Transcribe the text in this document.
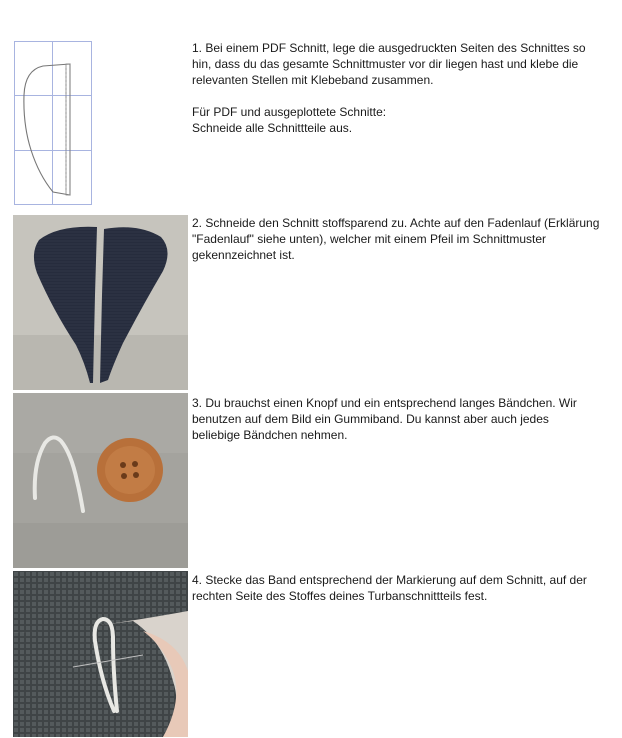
1. Bei einem PDF Schnitt, lege die ausgedruckten Seiten des Schnittes so hin, dass du das gesamte Schnittmuster vor dir liegen hast und klebe die relevanten Stellen mit Klebeband zusammen.

Für PDF und ausgeplottete Schnitte:

Schneide alle Schnittteile aus.

2. Schneide den Schnitt stoffsparend zu. Achte auf den Fadenlauf (Erklärung "Fadenlauf" siehe unten), welcher mit einem Pfeil im Schnittmuster gekennzeichnet ist.

3. Du brauchst einen Knopf und ein entsprechend langes Bändchen. Wir benutzen auf dem Bild ein Gummiband. Du kannst aber auch jedes beliebige Bändchen nehmen.

4. Stecke das Band entsprechend der Markierung auf dem Schnitt, auf der rechten Seite des Stoffes deines Turbanschnittteils fest.
